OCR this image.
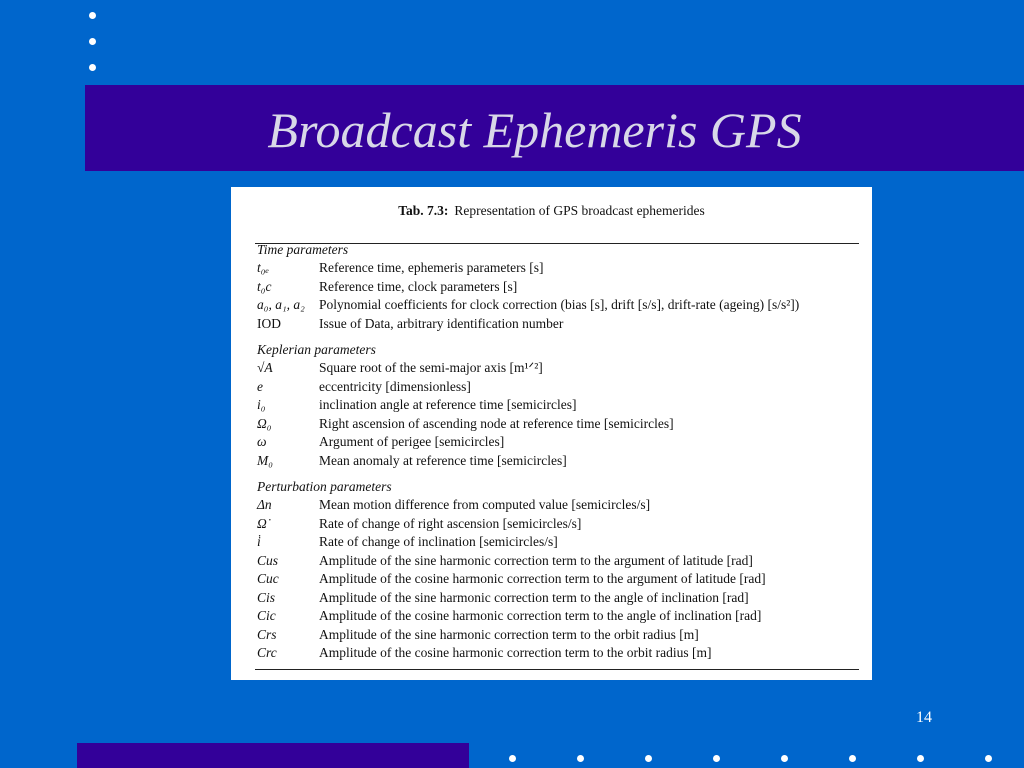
Broadcast Ephemeris GPS
Tab. 7.3: Representation of GPS broadcast ephemerides
Time parameters
t₀ₑ	Reference time, ephemeris parameters [s]
t₀c	Reference time, clock parameters [s]
a₀, a₁, a₂	Polynomial coefficients for clock correction (bias [s], drift [s/s], drift-rate (ageing) [s/s²])
IOD	Issue of Data, arbitrary identification number
Keplerian parameters
√A	Square root of the semi-major axis [m¹ᐟ²]
e	eccentricity [dimensionless]
i₀	inclination angle at reference time [semicircles]
Ω₀	Right ascension of ascending node at reference time [semicircles]
ω	Argument of perigee [semicircles]
M₀	Mean anomaly at reference time [semicircles]
Perturbation parameters
Δn	Mean motion difference from computed value [semicircles/s]
Ω̇	Rate of change of right ascension [semicircles/s]
i̇	Rate of change of inclination [semicircles/s]
Cus	Amplitude of the sine harmonic correction term to the argument of latitude [rad]
Cuc	Amplitude of the cosine harmonic correction term to the argument of latitude [rad]
Cis	Amplitude of the sine harmonic correction term to the angle of inclination [rad]
Cic	Amplitude of the cosine harmonic correction term to the angle of inclination [rad]
Crs	Amplitude of the sine harmonic correction term to the orbit radius [m]
Crc	Amplitude of the cosine harmonic correction term to the orbit radius [m]
14
